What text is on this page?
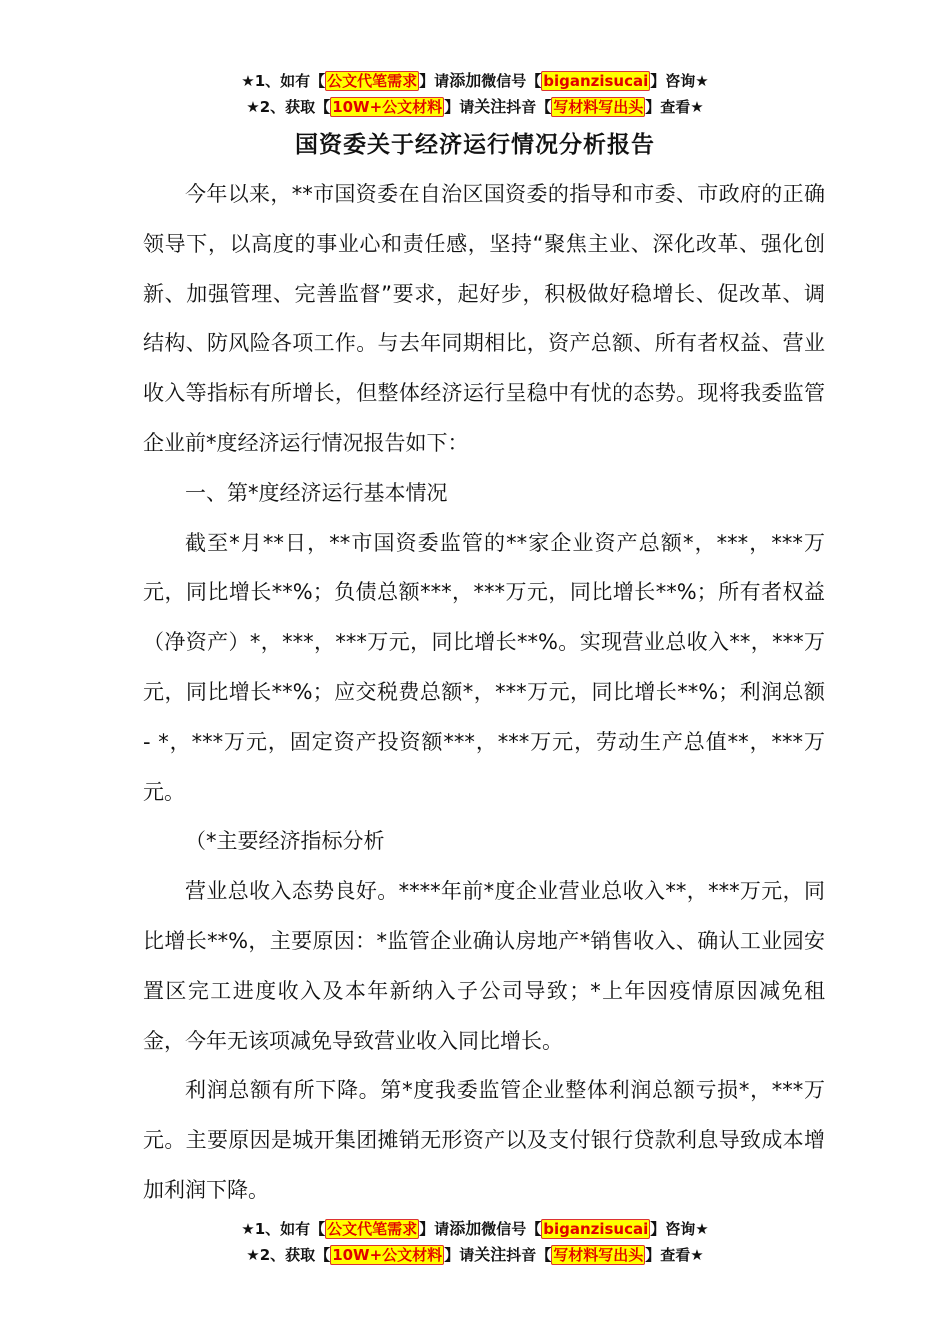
★1、如有【 公文代笔需求 】请添加微信号【 biganzisucai 】咨询★
★2、获取【 10W+公文材料 】请关注抖音【 写材料写出头 】查看★
国资委关于经济运行情况分析报告

今年以来，**市国资委在自治区国资委的指导和市委、市政府的正确领导下，以高度的事业心和责任感，坚持“聚焦主业、深化改革、强化创新、加强管理、完善监督”要求，起好步，积极做好稳增长、促改革、调结构、防风险各项工作。与去年同期相比，资产总额、所有者权益、营业收入等指标有所增长，但整体经济运行呈稳中有忧的态势。现将我委监管企业前*度经济运行情况报告如下：

一、第*度经济运行基本情况

截至*月**日，**市国资委监管的**家企业资产总额*，***，***万元，同比增长**%；负债总额***，***万元，同比增长**%；所有者权益（净资产）*，***，***万元，同比增长**%。实现营业总收入**，***万元，同比增长**%；应交税费总额*，***万元，同比增长**%；利润总额 - *，***万元，固定资产投资额***，***万元，劳动生产总值**，***万元。

（*主要经济指标分析

营业总收入态势良好。****年前*度企业营业总收入**，***万元，同比增长**%，主要原因：*监管企业确认房地产*销售收入、确认工业园安置区完工进度收入及本年新纳入子公司导致；*上年因疫情原因减免租金，今年无该项减免导致营业收入同比增长。

利润总额有所下降。第*度我委监管企业整体利润总额亏损*，***万元。主要原因是城开集团摊销无形资产以及支付银行贷款利息导致成本增加利润下降。

★1、如有【 公文代笔需求 】请添加微信号【 biganzisucai 】咨询★
★2、获取【 10W+公文材料 】请关注抖音【 写材料写出头 】查看★
